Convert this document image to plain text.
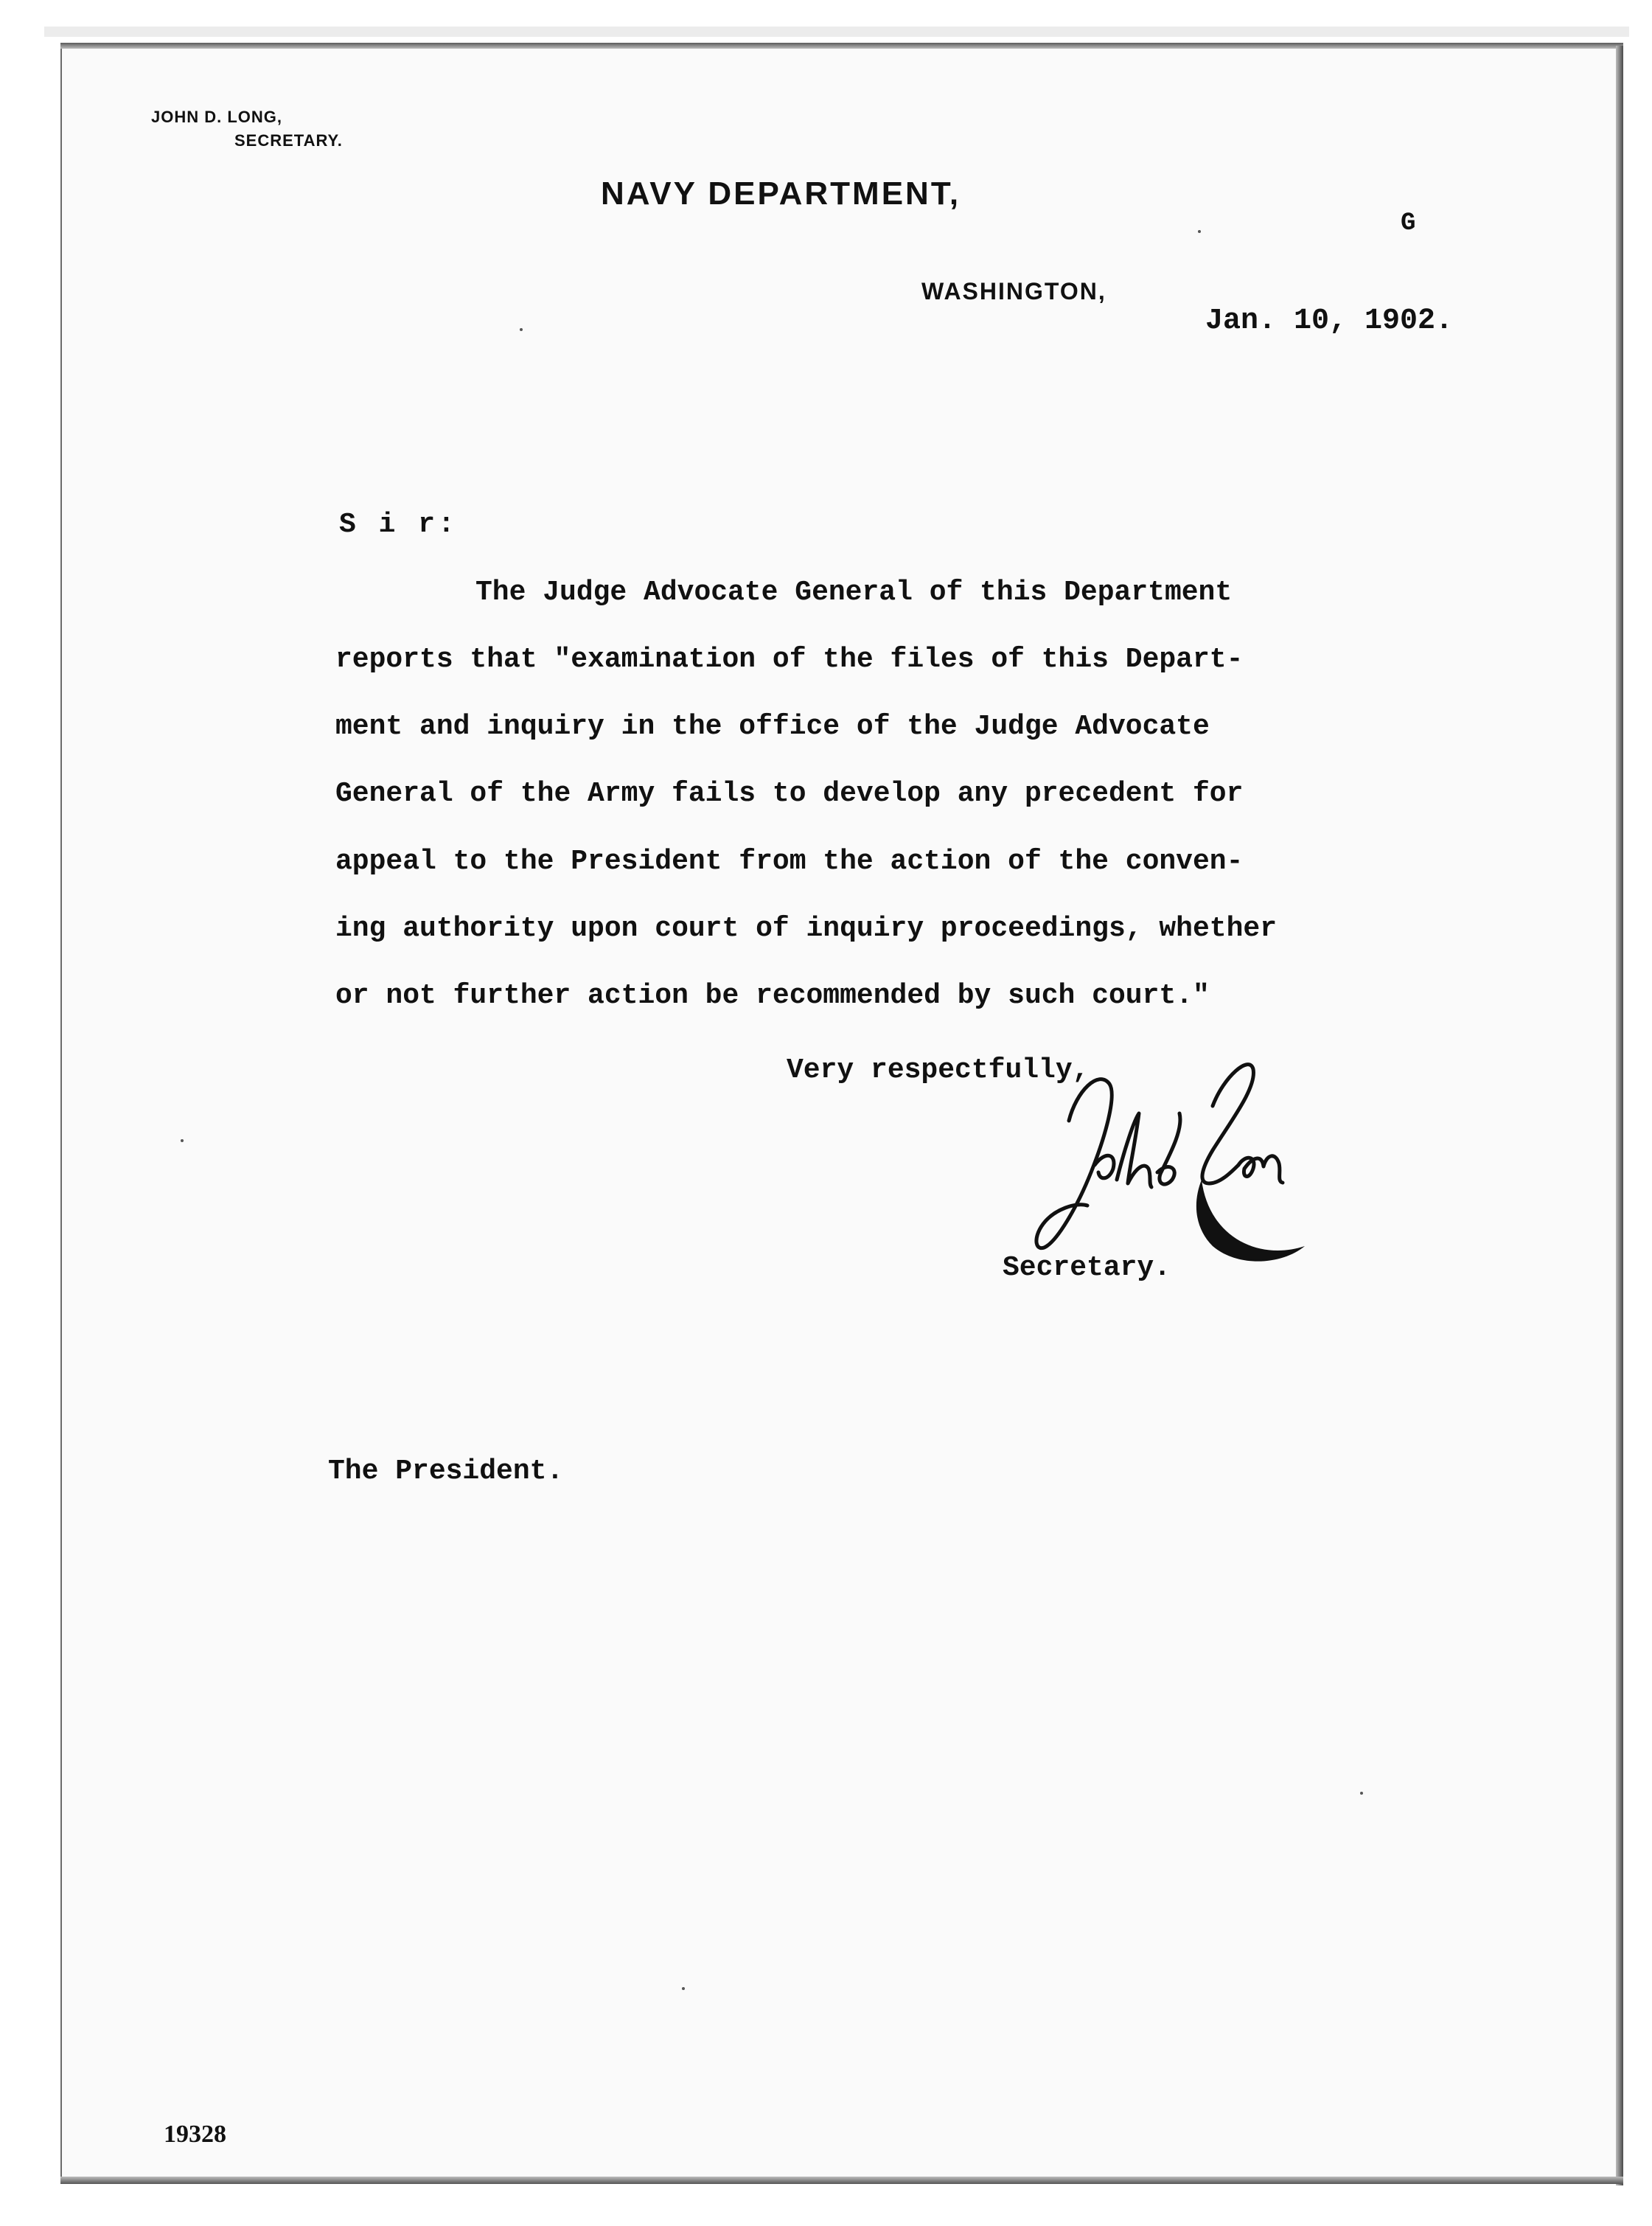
JOHN D. LONG,
SECRETARY.
NAVY DEPARTMENT,
G
WASHINGTON,
Jan. 10, 1902.
S i r:
The Judge Advocate General of this Department
reports that "examination of the files of this Depart-
ment and inquiry in the office of the Judge Advocate
General of the Army fails to develop any precedent for
appeal to the President from the action of the conven-
ing authority upon court of inquiry proceedings, whether
or not further action be recommended by such court."
Very respectfully,
Secretary.
The President.
19328
